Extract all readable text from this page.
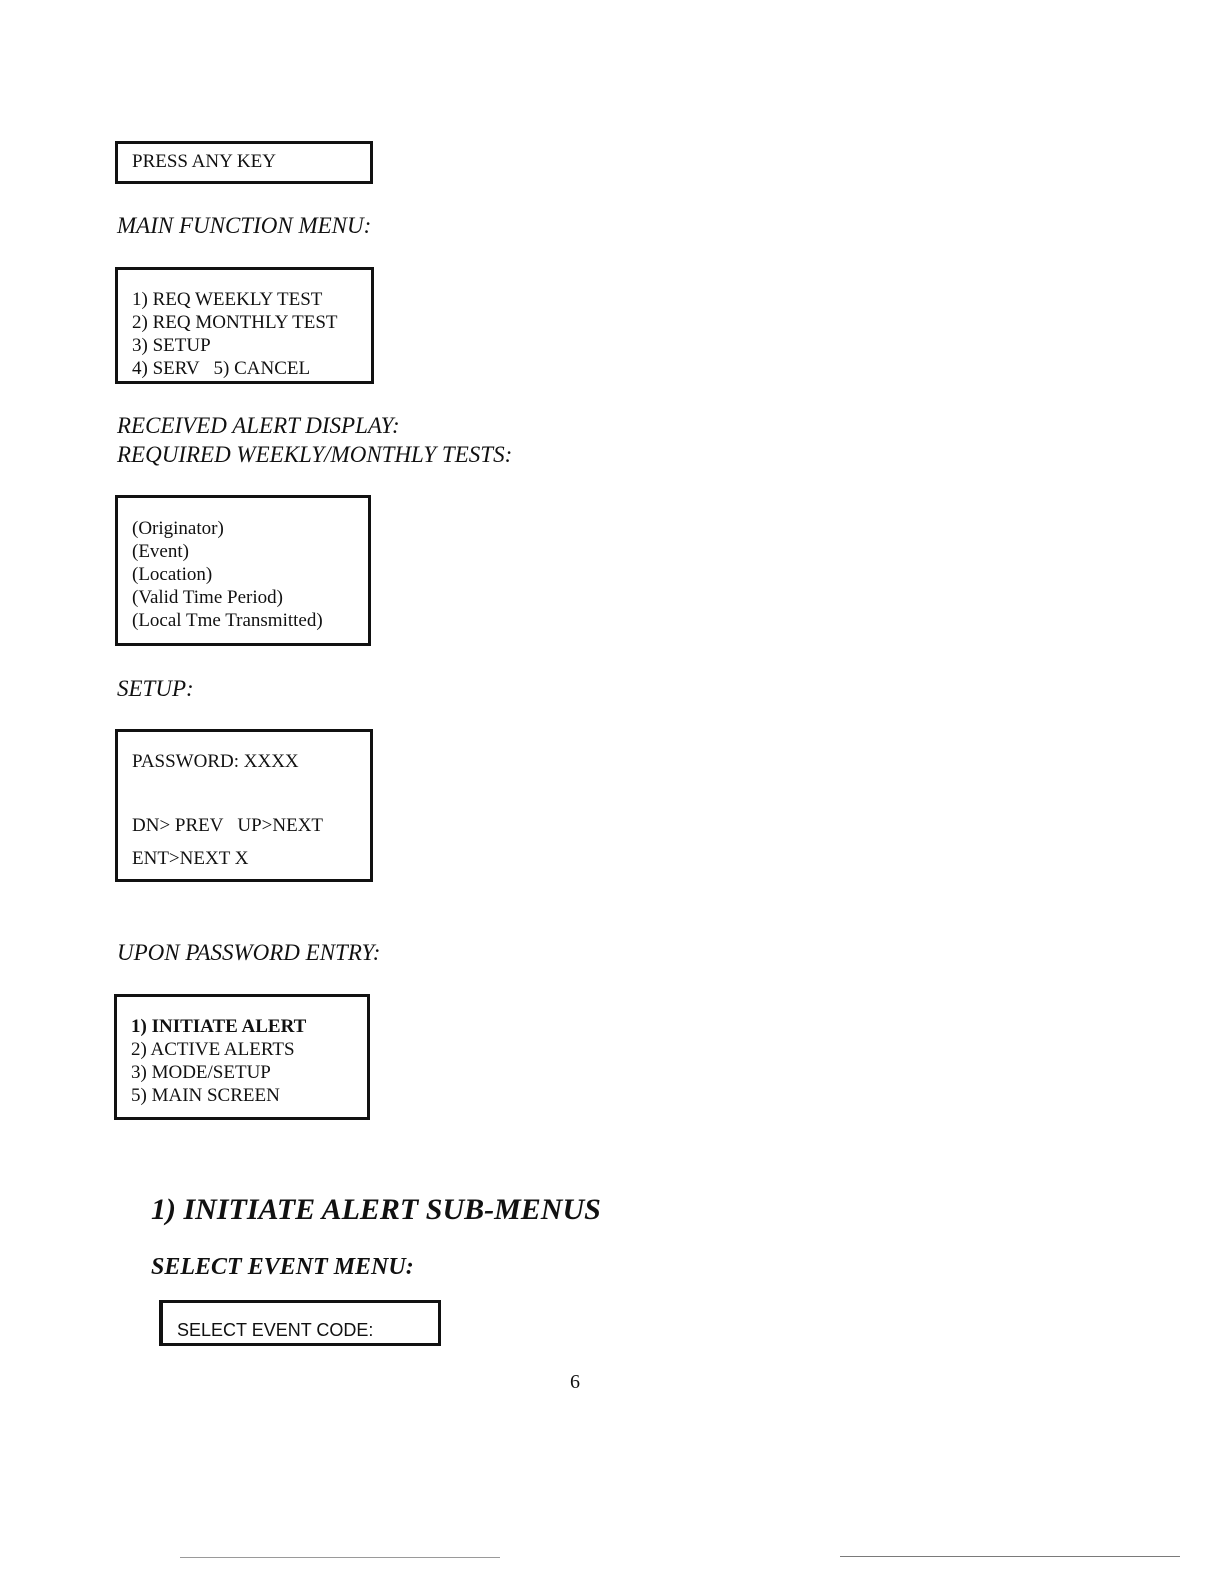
PRESS ANY KEY
MAIN FUNCTION MENU:
1) REQ WEEKLY TEST
2) REQ MONTHLY TEST
3) SETUP
4) SERV   5) CANCEL
RECEIVED ALERT DISPLAY:
REQUIRED WEEKLY/MONTHLY TESTS:
(Originator)
(Event)
(Location)
(Valid Time Period)
(Local Tme Transmitted)
SETUP:
PASSWORD: XXXX
DN> PREV   UP>NEXT
ENT>NEXT X
UPON PASSWORD ENTRY:
1) INITIATE ALERT
2) ACTIVE ALERTS
3) MODE/SETUP
5) MAIN SCREEN
1) INITIATE ALERT SUB-MENUS
SELECT EVENT MENU:
SELECT EVENT CODE:
6
